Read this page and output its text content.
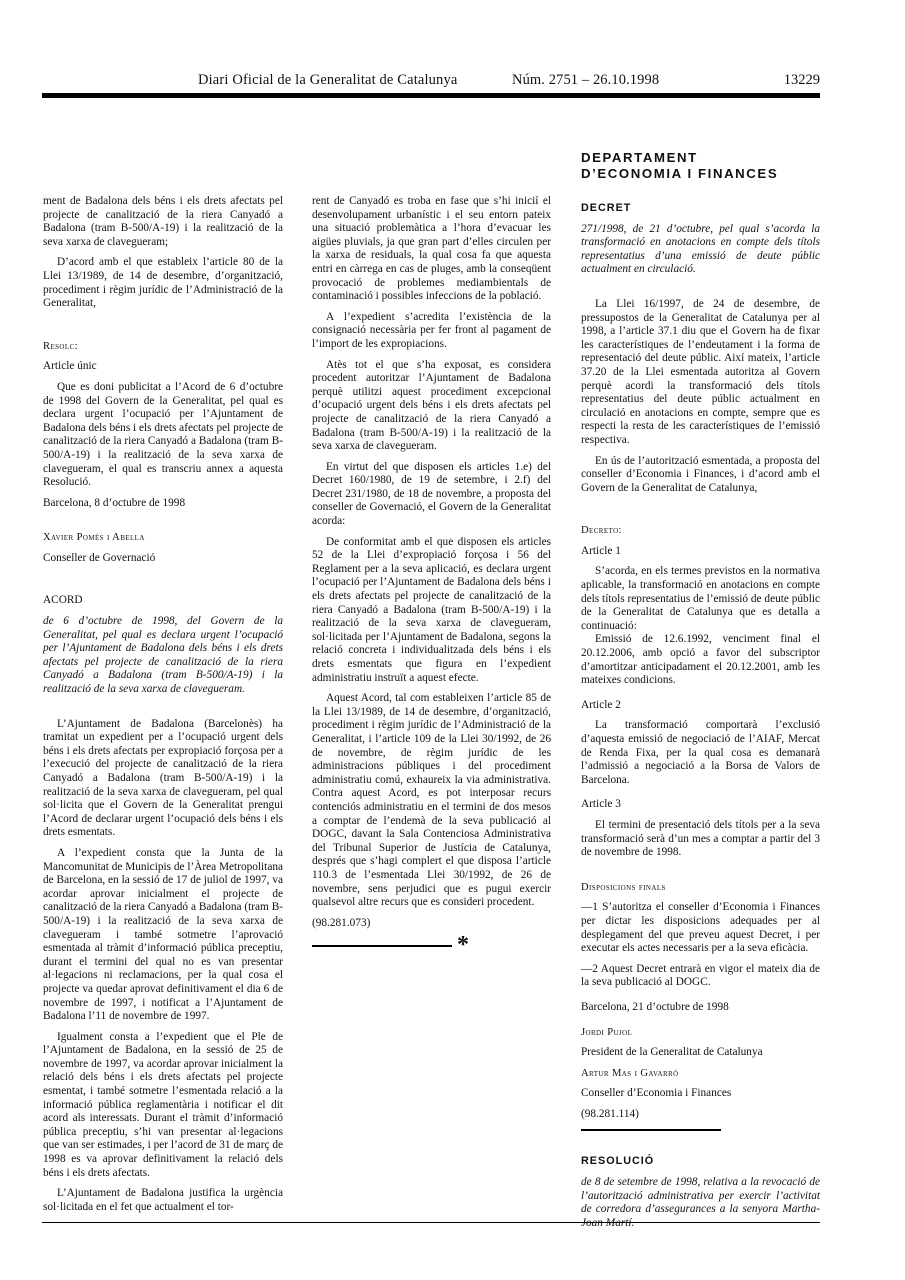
Diari Oficial de la Generalitat de Catalunya	Núm. 2751 – 26.10.1998	13229

ment de Badalona dels béns i els drets afectats pel projecte de canalització de la riera Canyadó a Badalona (tram B-500/A-19) i la realització de la seva xarxa de clavegueram;

D’acord amb el que estableix l’article 80 de la Llei 13/1989, de 14 de desembre, d’organització, procediment i règim jurídic de l’Administració de la Generalitat,

Resolc:

Article únic

Que es doni publicitat a l’Acord de 6 d’octubre de 1998 del Govern de la Generalitat, pel qual es declara urgent l’ocupació per l’Ajuntament de Badalona dels béns i els drets afectats pel projecte de canalització de la riera Canyadó a Badalona (tram B-500/A-19) i la realització de la seva xarxa de clavegueram, el qual es transcriu annex a aquesta Resolució.

Barcelona, 8 d’octubre de 1998

Xavier Pomés i Abella

Conseller de Governació

ACORD

de 6 d’octubre de 1998, del Govern de la Generalitat, pel qual es declara urgent l’ocupació per l’Ajuntament de Badalona dels béns i els drets afectats pel projecte de canalització de la riera Canyadó a Badalona (tram B-500/A-19) i la realització de la seva xarxa de clavegueram.

L’Ajuntament de Badalona (Barcelonès) ha tramitat un expedient per a l’ocupació urgent dels béns i els drets afectats per expropiació forçosa per a l’execució del projecte de canalització de la riera Canyadó a Badalona (tram B-500/A-19) i la realització de la seva xarxa de clavegueram, pel qual sol·licita que el Govern de la Generalitat prengui l’Acord de declarar urgent l’ocupació dels béns i els drets esmentats.

A l’expedient consta que la Junta de la Mancomunitat de Municipis de l’Àrea Metropolitana de Barcelona, en la sessió de 17 de juliol de 1997, va acordar aprovar inicialment el projecte de canalització de la riera Canyadó a Badalona (tram B-500/A-19) i la realització de la seva xarxa de clavegueram i també sotmetre l’aprovació esmentada al tràmit d’informació pública preceptiu, durant el termini del qual no es van presentar al·legacions ni reclamacions, per la qual cosa el projecte va quedar aprovat definitivament el dia 6 de novembre de 1997, i notificat a l’Ajuntament de Badalona l’11 de novembre de 1997.

Igualment consta a l’expedient que el Ple de l’Ajuntament de Badalona, en la sessió de 25 de novembre de 1997, va acordar aprovar inicialment la relació dels béns i els drets afectats pel projecte esmentat, i també sotmetre l’esmentada relació a la informació pública reglamentària i notificar el dit acord als interessats. Durant el tràmit d’informació pública preceptiu, s’hi van presentar al·legacions que van ser estimades, i per l’acord de 31 de març de 1998 es va aprovar definitivament la relació dels béns i els drets afectats.

L’Ajuntament de Badalona justifica la urgència sol·licitada en el fet que actualment el tor-

rent de Canyadó es troba en fase que s’hi inicií el desenvolupament urbanístic i el seu entorn pateix una situació problemàtica a l’hora d’evacuar les aigües pluvials, ja que gran part d’elles circulen per la xarxa de residuals, la qual cosa fa que aquesta entri en càrrega en cas de pluges, amb la conseqüent provocació de problemes mediambientals de contaminació i possibles infeccions de la població.

A l’expedient s’acredita l’existència de la consignació necessària per fer front al pagament de l’import de les expropiacions.

Atès tot el que s’ha exposat, es considera procedent autoritzar l’Ajuntament de Badalona perquè utilitzi aquest procediment excepcional d’ocupació urgent dels béns i els drets afectats pel projecte de canalització de la riera Canyadó a Badalona (tram B-500/A-19) i la realització de la seva xarxa de clavegueram.

En virtut del que disposen els articles 1.e) del Decret 160/1980, de 19 de setembre, i 2.f) del Decret 231/1980, de 18 de novembre, a proposta del conseller de Governació, el Govern de la Generalitat acorda:

De conformitat amb el que disposen els articles 52 de la Llei d’expropiació forçosa i 56 del Reglament per a la seva aplicació, es declara urgent l’ocupació per l’Ajuntament de Badalona dels béns i els drets afectats pel projecte de canalització de la riera Canyadó a Badalona (tram B-500/A-19) i la realització de la seva xarxa de clavegueram, sol·licitada per l’Ajuntament de Badalona, segons la relació concreta i individualitzada dels béns i els drets esmentats que figura en l’expedient administratiu instruït a aquest efecte.

Aquest Acord, tal com estableixen l’article 85 de la Llei 13/1989, de 14 de desembre, d’organització, procediment i règim jurídic de l’Administració de la Generalitat, i l’article 109 de la Llei 30/1992, de 26 de novembre, de règim jurídic de les administracions públiques i del procediment administratiu comú, exhaureix la via administrativa. Contra aquest Acord, es pot interposar recurs contenciós administratiu en el termini de dos mesos a comptar de l’endemà de la seva publicació al DOGC, davant la Sala Contenciosa Administrativa del Tribunal Superior de Justícia de Catalunya, després que s’hagi complert el que disposa l’article 110.3 de l’esmentada Llei 30/1992, de 26 de novembre, sens perjudici que es pugui exercir qualsevol altre recurs que es consideri procedent.

(98.281.073)

*
DEPARTAMENT
D’ECONOMIA I FINANCES

DECRET

271/1998, de 21 d’octubre, pel qual s’acorda la transformació en anotacions en compte dels títols representatius d’una emissió de deute públic actualment en circulació.

La Llei 16/1997, de 24 de desembre, de pressupostos de la Generalitat de Catalunya per al 1998, a l’article 37.1 diu que el Govern ha de fixar les característiques de l’endeutament i la forma de representació del deute públic. Així mateix, l’article 37.20 de la Llei esmentada autoritza al Govern perquè acordi la transformació dels títols representatius del deute públic actualment en circulació en anotacions en compte, sempre que es respecti la resta de les característiques de l’emissió respectiva.

En ús de l’autorització esmentada, a proposta del conseller d’Economia i Finances, i d’acord amb el Govern de la Generalitat de Catalunya,

Decreto:

Article 1

S’acorda, en els termes previstos en la normativa aplicable, la transformació en anotacions en compte dels títols representatius de l’emissió de deute públic de la Generalitat de Catalunya que es detalla a continuació:

Emissió de 12.6.1992, venciment final el 20.12.2006, amb opció a favor del subscriptor d’amortitzar anticipadament el 20.12.2001, amb les mateixes condicions.

Article 2

La transformació comportarà l’exclusió d’aquesta emissió de negociació de l’AIAF, Mercat de Renda Fixa, per la qual cosa es demanarà l’admissió a negociació a la Borsa de Valors de Barcelona.

Article 3

El termini de presentació dels títols per a la seva transformació serà d’un mes a comptar a partir del 3 de novembre de 1998.

Disposicions finals

—1 S’autoritza el conseller d’Economia i Finances per dictar les disposicions adequades per al desplegament del que preveu aquest Decret, i per executar els actes necessaris per a la seva eficàcia.

—2 Aquest Decret entrarà en vigor el mateix dia de la seva publicació al DOGC.

Barcelona, 21 d’octubre de 1998

Jordi Pujol

President de la Generalitat de Catalunya

Artur Mas i Gavarró

Conseller d’Economia i Finances

(98.281.114)

RESOLUCIÓ

de 8 de setembre de 1998, relativa a la revocació de l’autorització administrativa per exercir l’activitat de corredora d’assegurances a la senyora Martha-
